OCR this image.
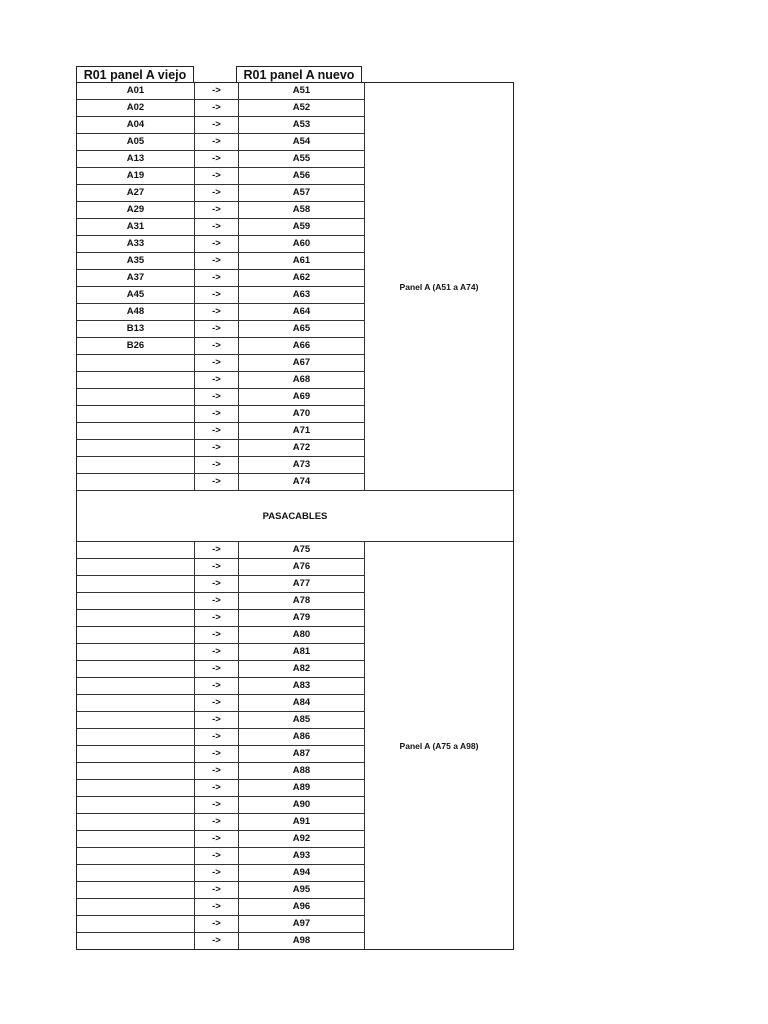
R01 panel A viejo	R01 panel A nuevo
A01	->	A51
A02	->	A52
A04	->	A53
A05	->	A54
A13	->	A55
A19	->	A56
A27	->	A57
A29	->	A58
A31	->	A59
A33	->	A60
A35	->	A61
A37	->	A62
A45	->	A63
A48	->	A64
B13	->	A65
B26	->	A66
	->	A67
	->	A68
	->	A69
	->	A70
	->	A71
	->	A72
	->	A73
	->	A74
Panel A (A51 a A74)
PASACABLES
	->	A75
	->	A76
	->	A77
	->	A78
	->	A79
	->	A80
	->	A81
	->	A82
	->	A83
	->	A84
	->	A85
	->	A86
	->	A87
	->	A88
	->	A89
	->	A90
	->	A91
	->	A92
	->	A93
	->	A94
	->	A95
	->	A96
	->	A97
	->	A98
Panel A (A75 a A98)
